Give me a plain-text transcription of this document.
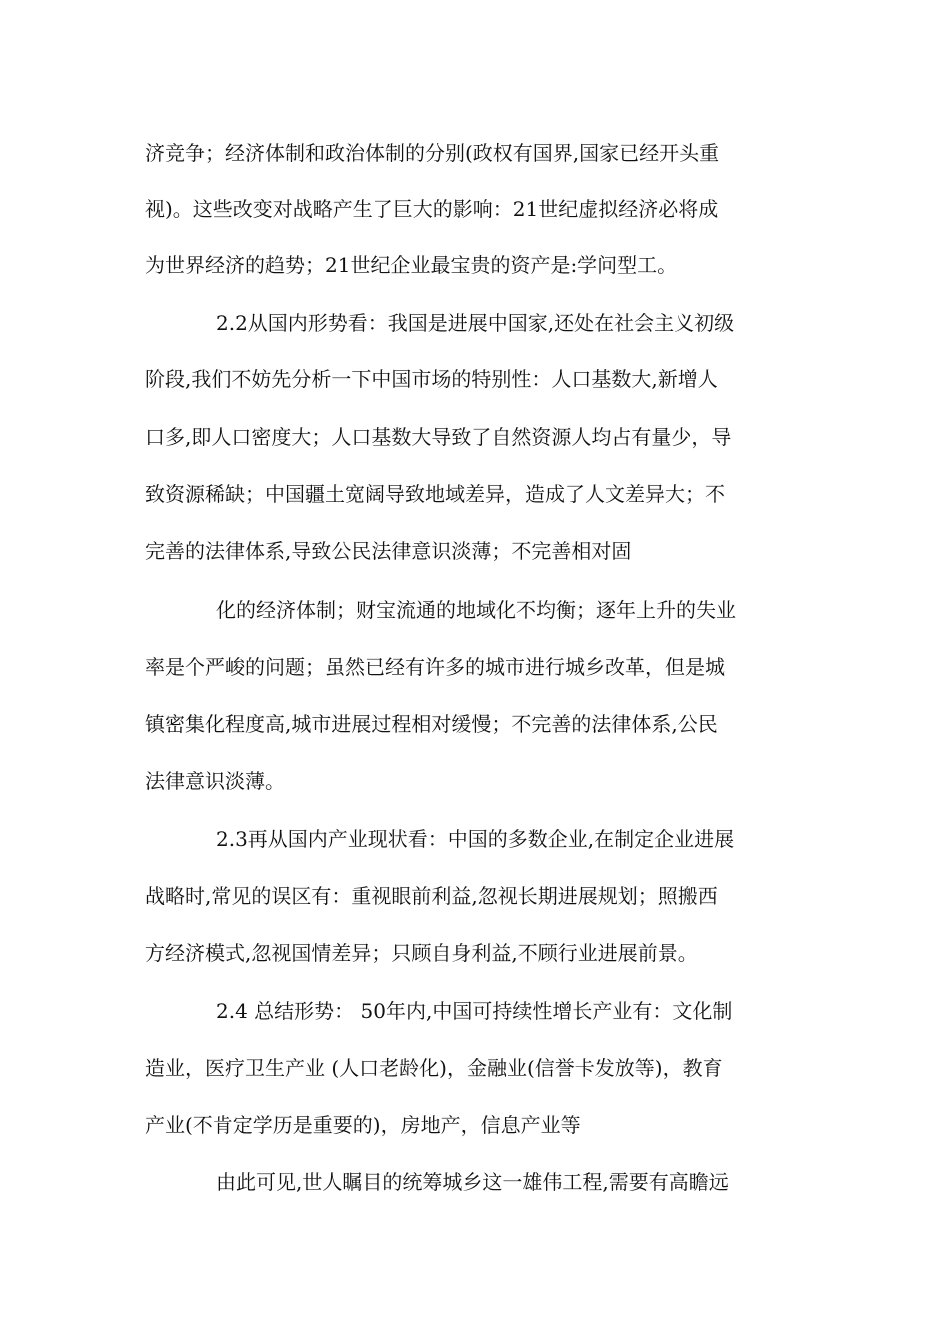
济竞争；经济体制和政治体制的分别(政权有国界,国家已经开头重
视)。这些改变对战略产生了巨大的影响：21世纪虚拟经济必将成
为世界经济的趋势；21世纪企业最宝贵的资产是:学问型工。
2.2从国内形势看：我国是进展中国家,还处在社会主义初级
阶段,我们不妨先分析一下中国市场的特别性：人口基数大,新增人
口多,即人口密度大；人口基数大导致了自然资源人均占有量少，导
致资源稀缺；中国疆土宽阔导致地域差异，造成了人文差异大；不
完善的法律体系,导致公民法律意识淡薄；不完善相对固
化的经济体制；财宝流通的地域化不均衡；逐年上升的失业
率是个严峻的问题；虽然已经有许多的城市进行城乡改革，但是城
镇密集化程度高,城市进展过程相对缓慢；不完善的法律体系,公民
法律意识淡薄。
2.3再从国内产业现状看：中国的多数企业,在制定企业进展
战略时,常见的误区有：重视眼前利益,忽视长期进展规划；照搬西
方经济模式,忽视国情差异；只顾自身利益,不顾行业进展前景。
2.4 总结形势： 50年内,中国可持续性增长产业有：文化制
造业，医疗卫生产业 (人口老龄化)，金融业(信誉卡发放等)，教育
产业(不肯定学历是重要的)，房地产，信息产业等
由此可见,世人瞩目的统筹城乡这一雄伟工程,需要有高瞻远
